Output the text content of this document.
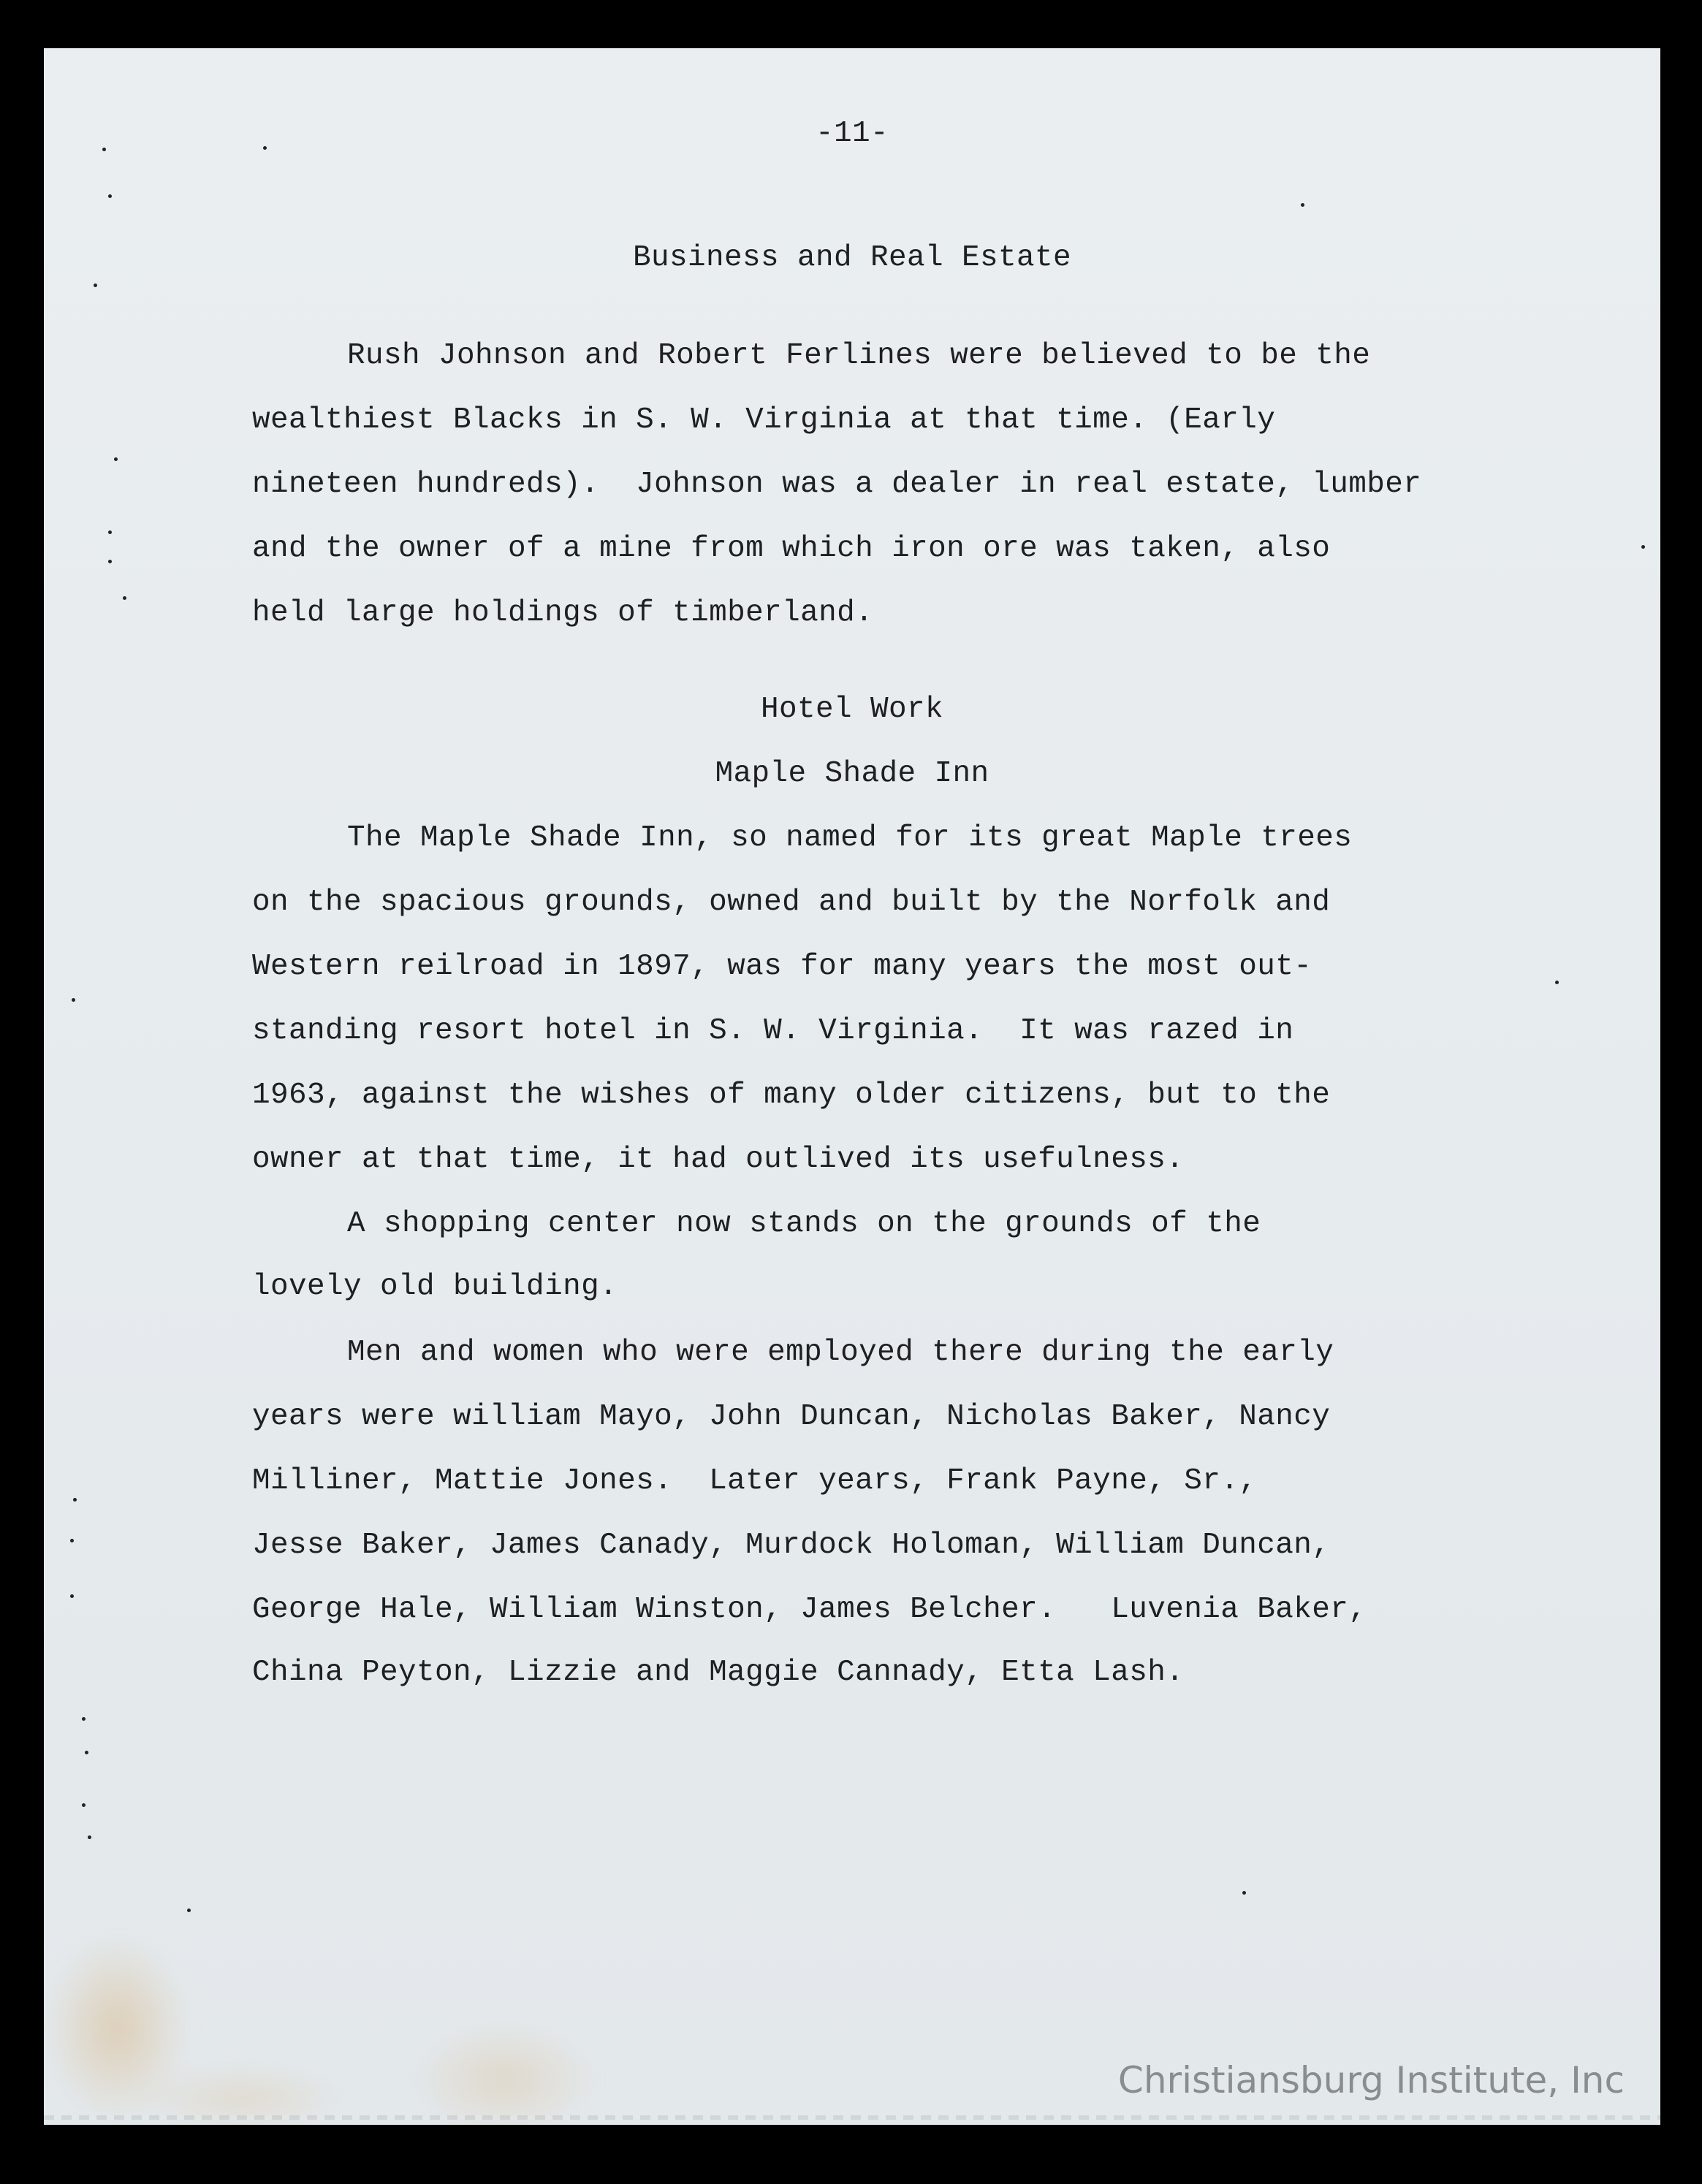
-11-
Business and Real Estate
Rush Johnson and Robert Ferlines were believed to be the
wealthiest Blacks in S. W. Virginia at that time. (Early
nineteen hundreds).  Johnson was a dealer in real estate, lumber
and the owner of a mine from which iron ore was taken, also
held large holdings of timberland.
Hotel Work
Maple Shade Inn
The Maple Shade Inn, so named for its great Maple trees
on the spacious grounds, owned and built by the Norfolk and
Western reilroad in 1897, was for many years the most out-
standing resort hotel in S. W. Virginia.  It was razed in
1963, against the wishes of many older citizens, but to the
owner at that time, it had outlived its usefulness.
A shopping center now stands on the grounds of the
lovely old building.
Men and women who were employed there during the early
years were william Mayo, John Duncan, Nicholas Baker, Nancy
Milliner, Mattie Jones.  Later years, Frank Payne, Sr.,
Jesse Baker, James Canady, Murdock Holoman, William Duncan,
George Hale, William Winston, James Belcher.   Luvenia Baker,
China Peyton, Lizzie and Maggie Cannady, Etta Lash.
Christiansburg Institute, Inc
